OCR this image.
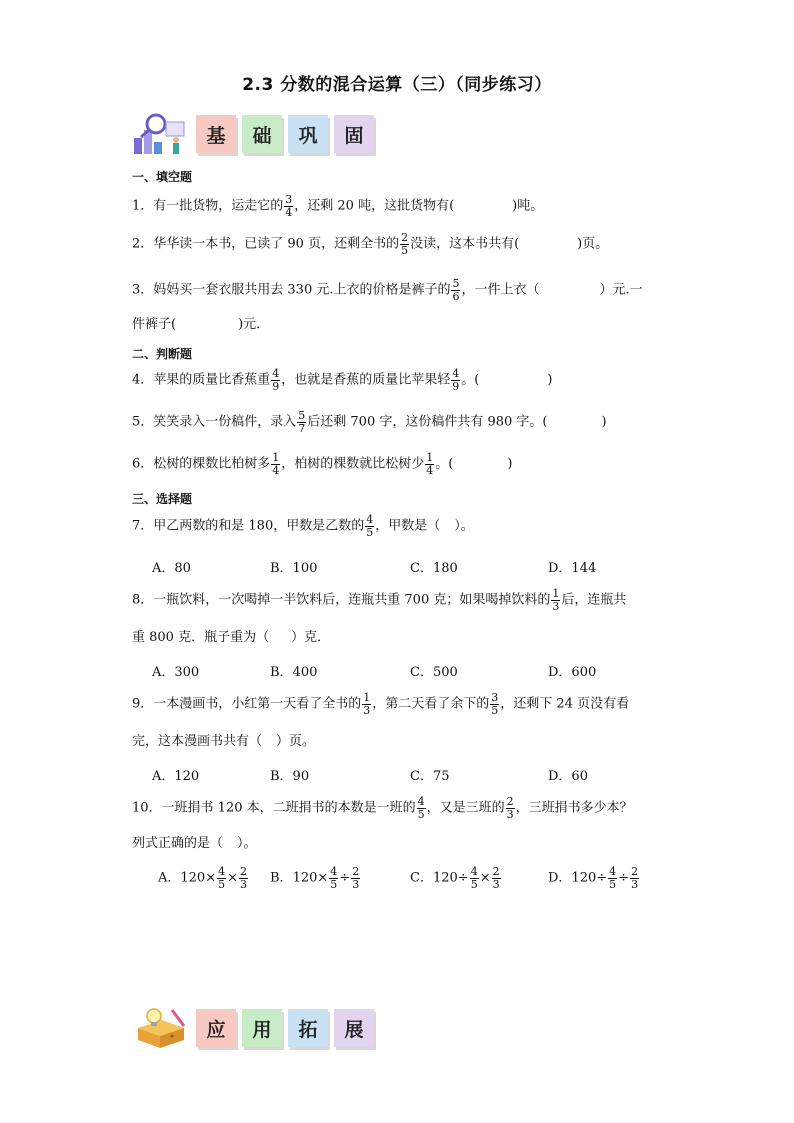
2.3 分数的混合运算（三）（同步练习）
基	础	巩	固
一、填空题
1．有一批货物，运走它的 $\frac{3}{4}$ ，还剩 20 吨，这批货物有(	)吨。
2．华华读一本书，已读了 90 页，还剩全书的 $\frac{2}{5}$ 没读，这本书共有(	)页。
3．妈妈买一套衣服共用去 330 元.上衣的价格是裤子的 $\frac{5}{6}$ ，一件上衣（	）元.一
件裤子(	)元．
二、判断题
4．苹果的质量比香蕉重 $\frac{4}{9}$ ，也就是香蕉的质量比苹果轻 $\frac{4}{9}$ 。(	)
5．笑笑录入一份稿件，录入 $\frac{5}{7}$ 后还剩 700 字，这份稿件共有 980 字。(	)
6．松树的棵数比柏树多 $\frac{1}{4}$ ，柏树的棵数就比松树少 $\frac{1}{4}$ 。(	)
三、选择题
7．甲乙两数的和是 180，甲数是乙数的 $\frac{4}{5}$ ，甲数是（ ）。
A．80	B．100	C．180	D．144
8．一瓶饮料，一次喝掉一半饮料后，连瓶共重 700 克；如果喝掉饮料的 $\frac{1}{3}$ 后，连瓶共
重 800 克．瓶子重为（ ）克．
A．300	B．400	C．500	D．600
9．一本漫画书，小红第一天看了全书的 $\frac{1}{3}$ ，第二天看了余下的 $\frac{3}{5}$ ，还剩下 24 页没有看
完，这本漫画书共有（ ）页。
A．120	B．90	C．75	D．60
10．一班捐书 120 本，二班捐书的本数是一班的 $\frac{4}{5}$ ，又是三班的 $\frac{2}{3}$ ，三班捐书多少本？
列式正确的是（ ）。
A．$120\times \frac{4}{5} \times \frac{2}{3}$ B．$120\times \frac{4}{5} \div \frac{2}{3}$	C．$120\div \frac{4}{5} \times \frac{2}{3}$	D．$120\div \frac{4}{5} \div \frac{2}{3}$
应	用	拓	展
